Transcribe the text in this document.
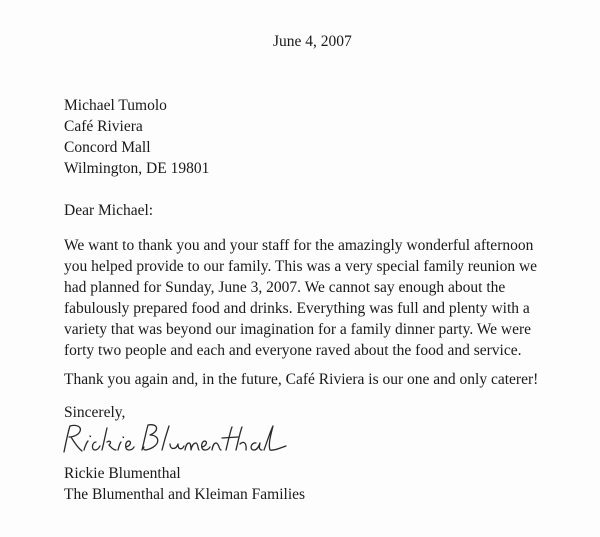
June 4, 2007
Michael Tumolo
Café Riviera
Concord Mall
Wilmington, DE 19801
Dear Michael:
We want to thank you and your staff for the amazingly wonderful afternoon
you helped provide to our family. This was a very special family reunion we
had planned for Sunday, June 3, 2007. We cannot say enough about the
fabulously prepared food and drinks. Everything was full and plenty with a
variety that was beyond our imagination for a family dinner party. We were
forty two people and each and everyone raved about the food and service.
Thank you again and, in the future, Café Riviera is our one and only caterer!
Sincerely,
Rickie Blumenthal
The Blumenthal and Kleiman Families
